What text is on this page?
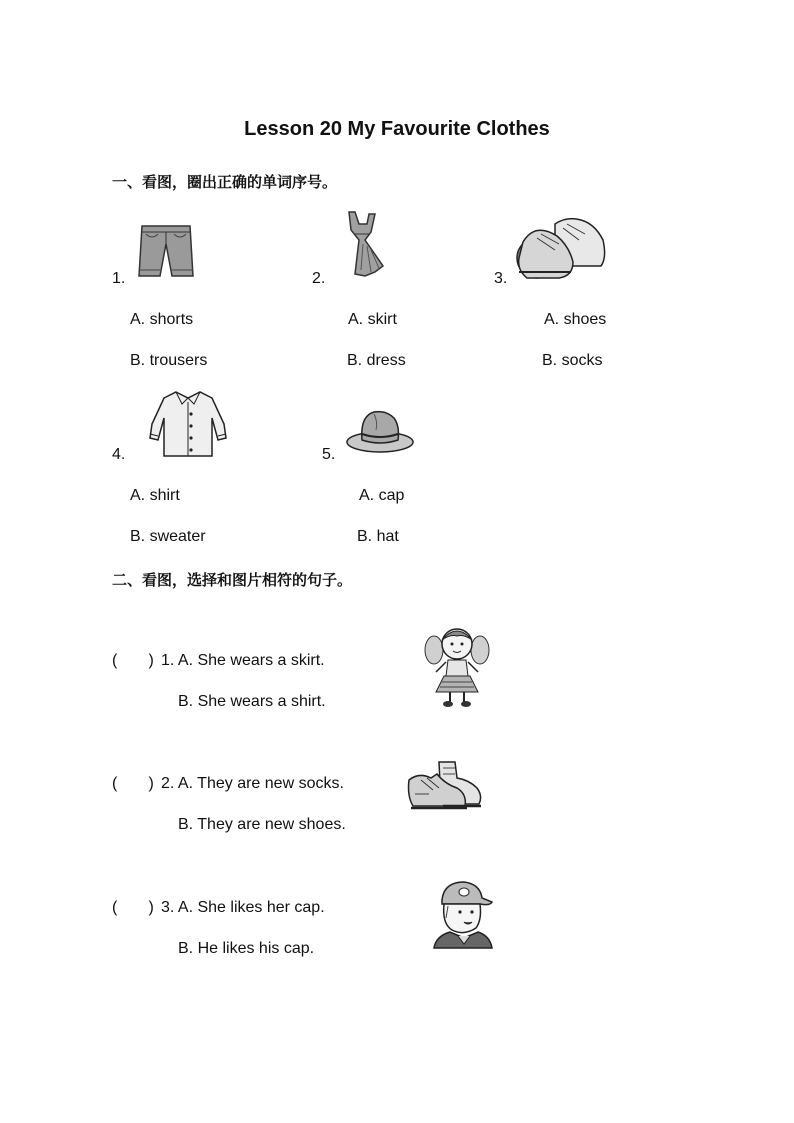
Lesson 20 My Favourite Clothes
一、看图，圈出正确的单词序号。
1.
A. shorts
B. trousers
2.
A. skirt
B. dress
3.
A. shoes
B. socks
4.
A. shirt
B. sweater
5.
A. cap
B. hat
二、看图，选择和图片相符的句子。
(       ) 1. A. She wears a skirt.
B. She wears a shirt.
(       ) 2. A. They are new socks.
B. They are new shoes.
(       ) 3. A. She likes her cap.
B. He likes his cap.
